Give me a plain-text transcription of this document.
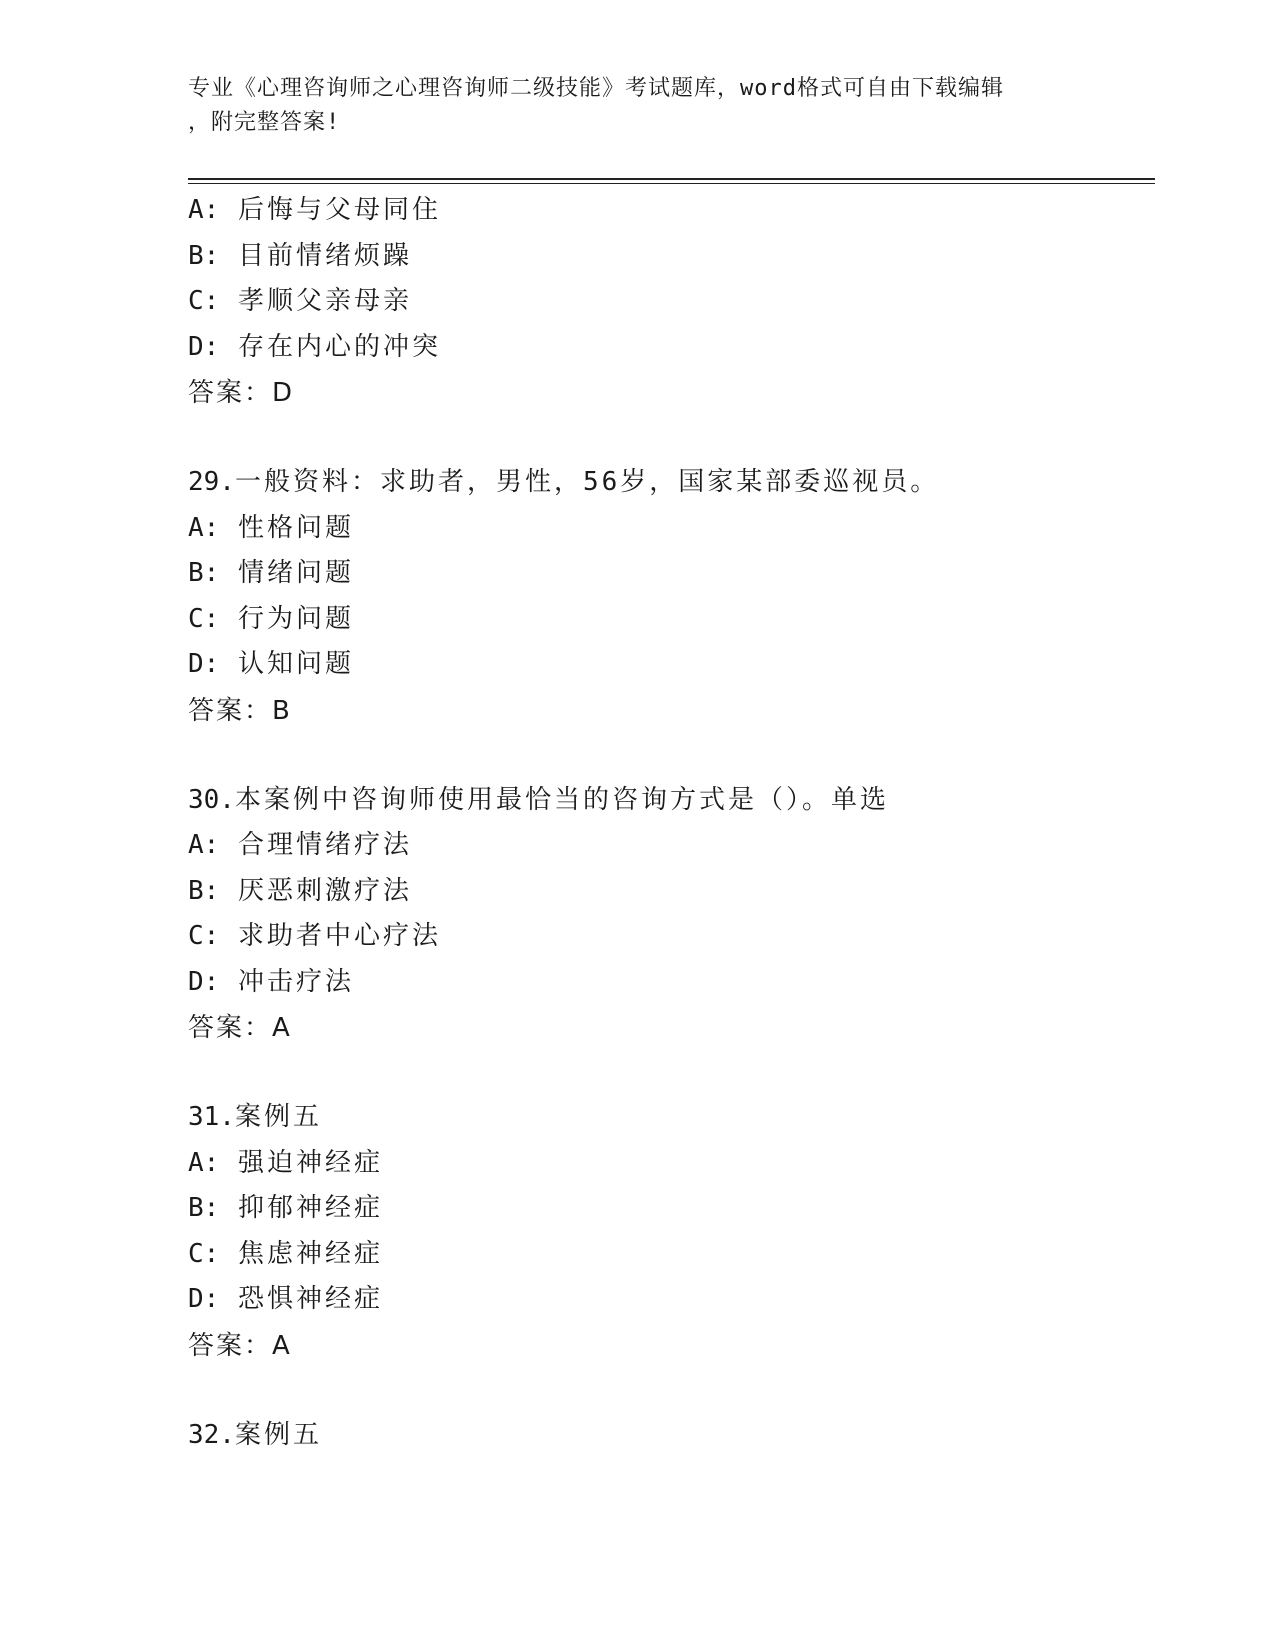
专业《心理咨询师之心理咨询师二级技能》考试题库，word格式可自由下载编辑
，附完整答案!
A: 后悔与父母同住
B: 目前情绪烦躁
C: 孝顺父亲母亲
D: 存在内心的冲突
答案：D
29.一般资料：求助者，男性，56岁，国家某部委巡视员。
A: 性格问题
B: 情绪问题
C: 行为问题
D: 认知问题
答案：B
30.本案例中咨询师使用最恰当的咨询方式是（）。单选
A: 合理情绪疗法
B: 厌恶刺激疗法
C: 求助者中心疗法
D: 冲击疗法
答案：A
31.案例五
A: 强迫神经症
B: 抑郁神经症
C: 焦虑神经症
D: 恐惧神经症
答案：A
32.案例五
